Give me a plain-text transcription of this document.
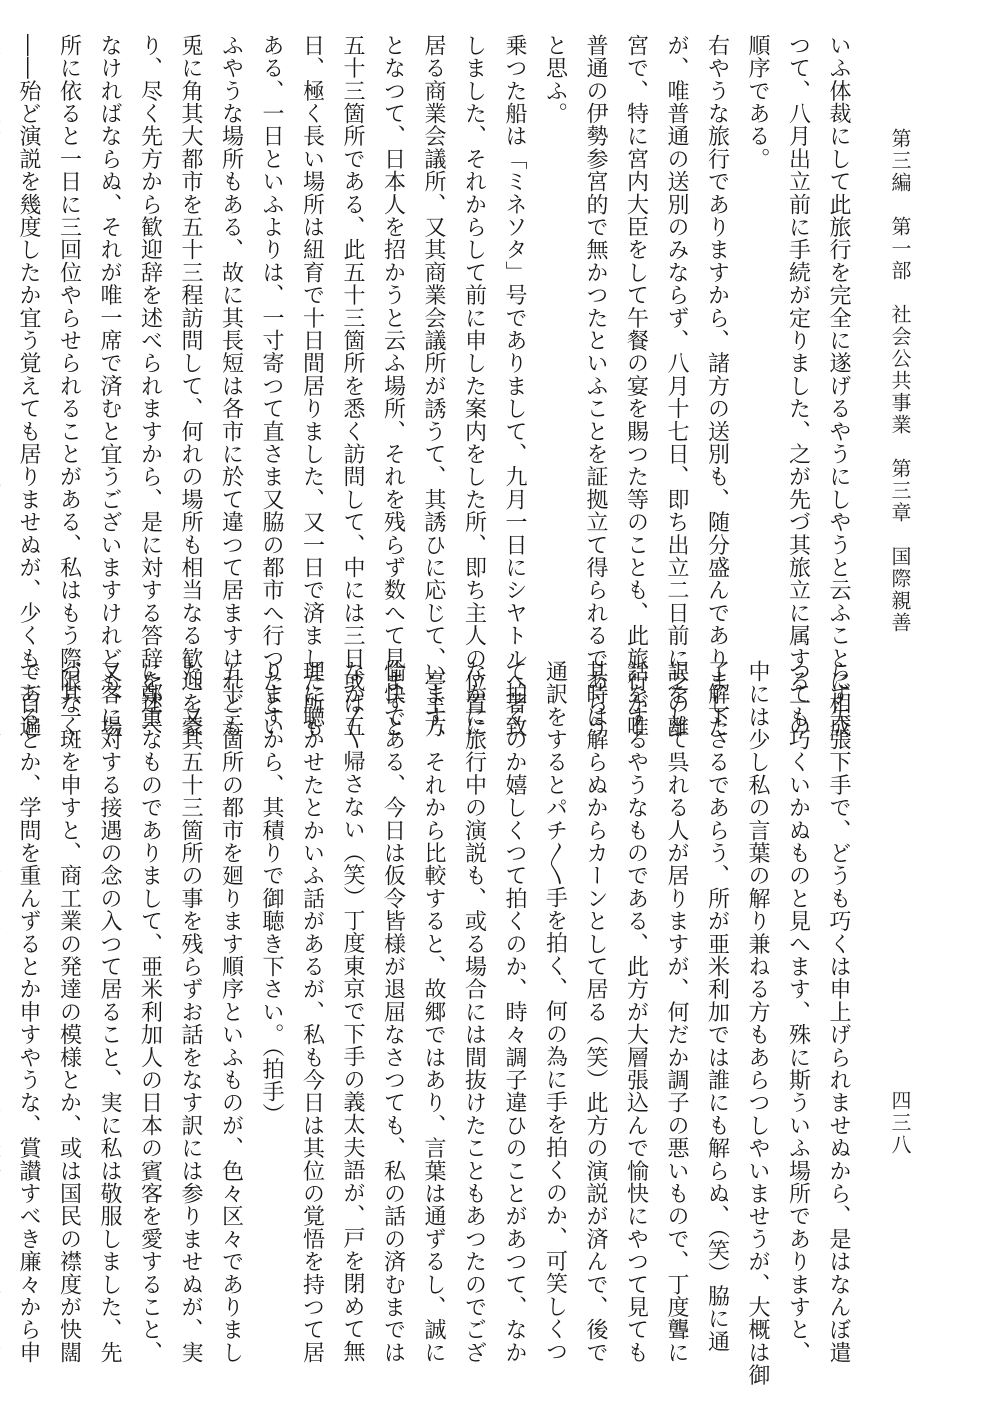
第三編　第一部　社会公共事業　第三章　国際親善
四三八
いふ体裁にして此旅行を完全に遂げるやうにしやうと云ふことに相成
つて、八月出立前に手続が定りました、之が先づ其旅立に属する一の
順序である。
右やうな旅行でありますから、諸方の送別も、随分盛んでありました
が、唯普通の送別のみならず、八月十七日、即ち出立二日前に芝の離
宮で、特に宮内大臣をして午餐の宴を賜つた等のことも、此旅行が唯
普通の伊勢参宮的で無かつたといふことを証拠立て得られるであらう
と思ふ。
乗つた船は「ミネソタ」号でありまして、九月一日にシヤトルへ著致
しました、それからして前に申した案内をした所、即ち主人の位置に
居る商業会議所、又其商業会議所が誘うて、其誘ひに応じて、亭主方
となつて、日本人を招かうと云ふ場所、それを残らず数へて見ますと
五十三箇所である、此五十三箇所を悉く訪問して、中には三日或は五
日、極く長い場所は紐育で十日間居りました、又一日で済ました所も
ある、一日といふよりは、一寸寄つて直さま又脇の都市へ行つたとい
ふやうな場所もある、故に其長短は各市に於て違つて居ますけれども
兎に角其大都市を五十三程訪問して、何れの場所も相当なる歓迎を蒙
り、尽く先方から歓迎辞を述べられますから、是に対する答辞を述べ
なければならぬ、それが唯一席で済むと宜うございますけれども、場
所に依ると一日に三回位やらせられることがある、私はもう際限なく
――殆ど演説を幾度したか宜う覚えても居りませぬが、少くも二百遍
らず矢張下手で、どうも巧くは申上げられませぬから、是はなんぼ遣
つても巧くいかぬものと見へます、殊に斯ういふ場所でありますと、
中には少し私の言葉の解り兼ねる方もあらつしやいませうが、大概は御
了解下さるであらう、所が亜米利加では誰にも解らぬ、（笑）脇に通
訳をして呉れる人が居りますが、何だか調子の悪いもので、丁度聾に
話をするやうなものである、此方が大層張込んで愉快にやつて見ても
其時は解らぬからカーンとして居る（笑）此方の演説が済んで、後で
通訳をするとパチ〳〵手を拍く、何の為に手を拍くのか、可笑しくつ
て拍くのか嬉しくつて拍くのか、時々調子違ひのことがあつて、なか
なかに旅行中の演説も、或る場合には間抜けたこともあつたのでござ
います、それから比較すると、故郷ではあり、言葉は通ずるし、誠に
愉快である、今日は仮令皆様が退屈なさつても、私の話の済むまでは
なか〳〵帰さない（笑）丁度東京で下手の義太夫語が、戸を閉めて無
理に聴かせたとかいふ話があるが、私も今日は其位の覚悟を持つて居
りますから、其積りで御聴き下さい。（拍手）
五十三箇所の都市を廻ります順序といふものが、色々区々でありまし
た、又其五十三箇所の事を残らずお話をなす訳には参りませぬが、実
に鄭重なものでありまして、亜米利加人の日本の賓客を愛すること、
又客に対する接遇の念の入つて居ること、実に私は敬服しました、先
づ其一斑を申すと、商工業の発達の模様とか、或は国民の襟度が快闊
であるとか、学問を重んずるとか申すやうな、賞讃すべき廉々から申
